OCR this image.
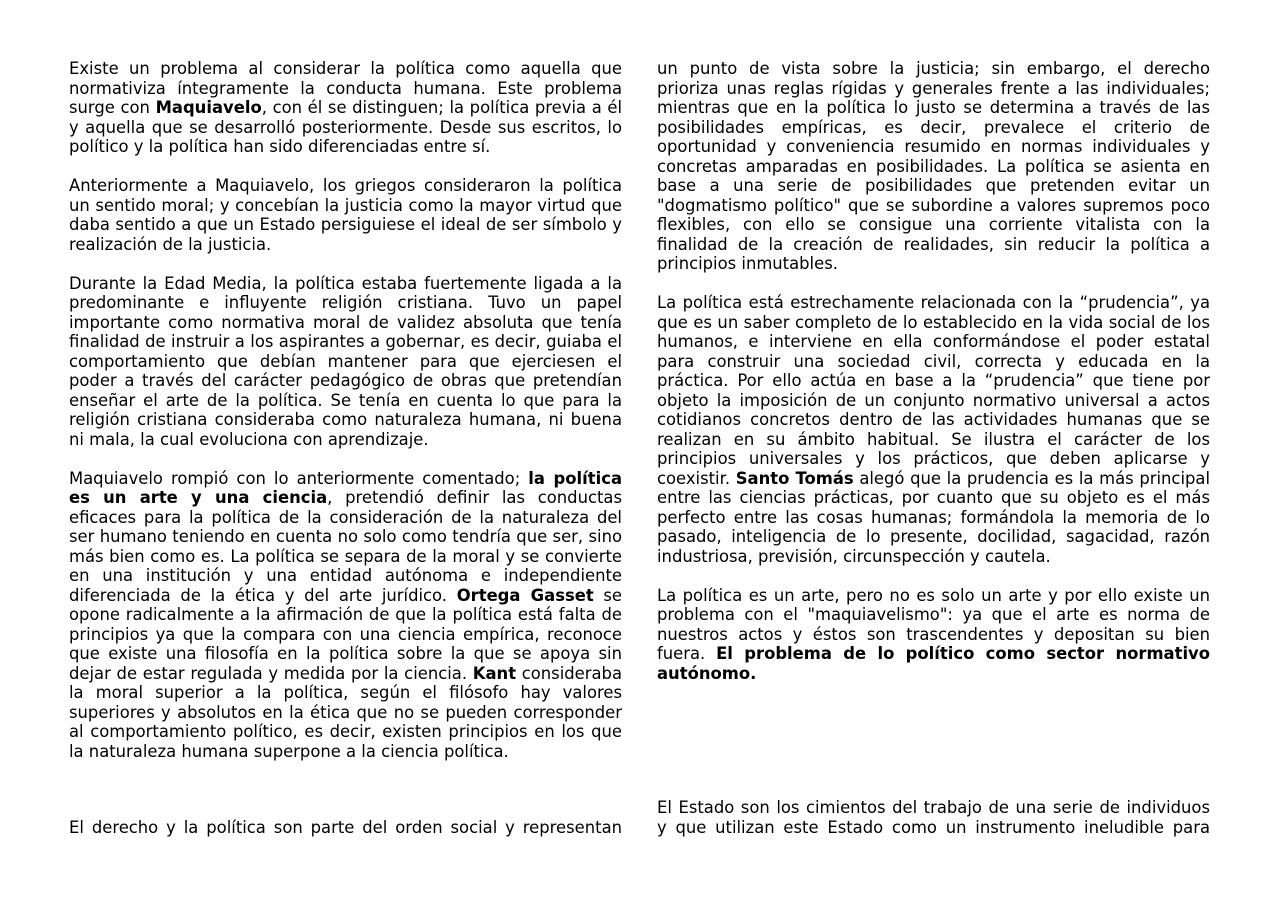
Existe un problema al considerar la política como aquella que normativiza íntegramente la conducta humana. Este problema surge con Maquiavelo, con él se distinguen; la política previa a él y aquella que se desarrolló posteriormente. Desde sus escritos, lo político y la política han sido diferenciadas entre sí.

Anteriormente a Maquiavelo, los griegos consideraron la política un sentido moral; y concebían la justicia como la mayor virtud que daba sentido a que un Estado persiguiese el ideal de ser símbolo y realización de la justicia.

Durante la Edad Media, la política estaba fuertemente ligada a la predominante e influyente religión cristiana. Tuvo un papel importante como normativa moral de validez absoluta que tenía finalidad de instruir a los aspirantes a gobernar, es decir, guiaba el comportamiento que debían mantener para que ejerciesen el poder a través del carácter pedagógico de obras que pretendían enseñar el arte de la política. Se tenía en cuenta lo que para la religión cristiana consideraba como naturaleza humana, ni buena ni mala, la cual evoluciona con aprendizaje.

Maquiavelo rompió con lo anteriormente comentado; la política es un arte y una ciencia, pretendió definir las conductas eficaces para la política de la consideración de la naturaleza del ser humano teniendo en cuenta no solo como tendría que ser, sino más bien como es. La política se separa de la moral y se convierte en una institución y una entidad autónoma e independiente diferenciada de la ética y del arte jurídico. Ortega Gasset se opone radicalmente a la afirmación de que la política está falta de principios ya que la compara con una ciencia empírica, reconoce que existe una filosofía en la política sobre la que se apoya sin dejar de estar regulada y medida por la ciencia. Kant consideraba la moral superior a la política, según el filósofo hay valores superiores y absolutos en la ética que no se pueden corresponder al comportamiento político, es decir, existen principios en los que la naturaleza humana superpone a la ciencia política.

El derecho y la política son parte del orden social y representan

un punto de vista sobre la justicia; sin embargo, el derecho prioriza unas reglas rígidas y generales frente a las individuales; mientras que en la política lo justo se determina a través de las posibilidades empíricas, es decir, prevalece el criterio de oportunidad y conveniencia resumido en normas individuales y concretas amparadas en posibilidades. La política se asienta en base a una serie de posibilidades que pretenden evitar un "dogmatismo político" que se subordine a valores supremos poco flexibles, con ello se consigue una corriente vitalista con la finalidad de la creación de realidades, sin reducir la política a principios inmutables.

La política está estrechamente relacionada con la “prudencia”, ya que es un saber completo de lo establecido en la vida social de los humanos, e interviene en ella conformándose el poder estatal para construir una sociedad civil, correcta y educada en la práctica. Por ello actúa en base a la “prudencia” que tiene por objeto la imposición de un conjunto normativo universal a actos cotidianos concretos dentro de las actividades humanas que se realizan en su ámbito habitual. Se ilustra el carácter de los principios universales y los prácticos, que deben aplicarse y coexistir. Santo Tomás alegó que la prudencia es la más principal entre las ciencias prácticas, por cuanto que su objeto es el más perfecto entre las cosas humanas; formándola la memoria de lo pasado, inteligencia de lo presente, docilidad, sagacidad, razón industriosa, previsión, circunspección y cautela.

La política es un arte, pero no es solo un arte y por ello existe un problema con el "maquiavelismo": ya que el arte es norma de nuestros actos y éstos son trascendentes y depositan su bien fuera. El problema de lo político como sector normativo autónomo.

El Estado son los cimientos del trabajo de una serie de individuos y que utilizan este Estado como un instrumento ineludible para
